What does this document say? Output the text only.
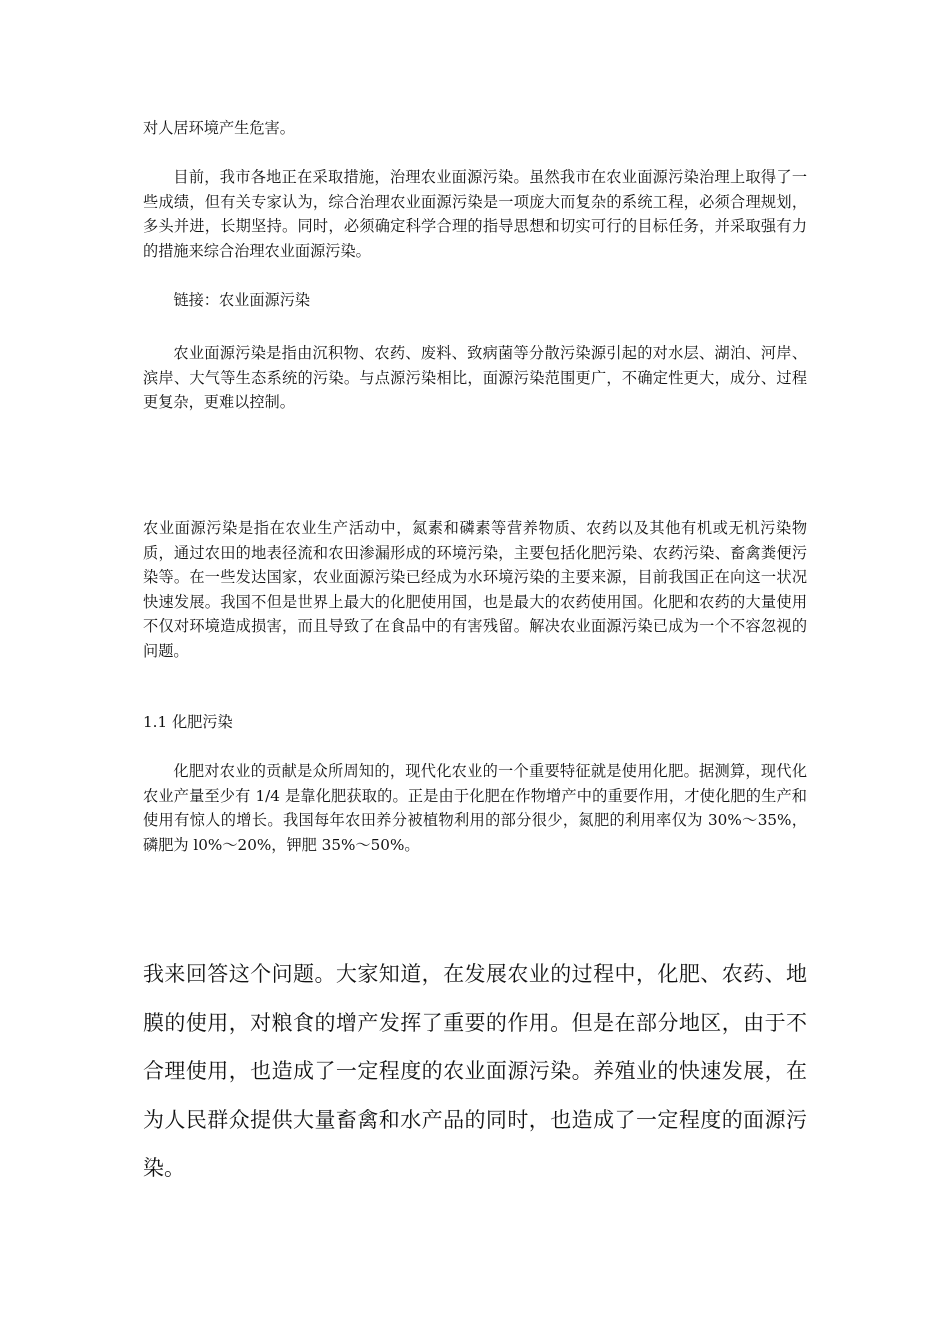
对人居环境产生危害。

目前，我市各地正在采取措施，治理农业面源污染。虽然我市在农业面源污染治理上取得了一些成绩，但有关专家认为，综合治理农业面源污染是一项庞大而复杂的系统工程，必须合理规划，多头并进，长期坚持。同时，必须确定科学合理的指导思想和切实可行的目标任务，并采取强有力的措施来综合治理农业面源污染。

链接：农业面源污染

农业面源污染是指由沉积物、农药、废料、致病菌等分散污染源引起的对水层、湖泊、河岸、滨岸、大气等生态系统的污染。与点源污染相比，面源污染范围更广，不确定性更大，成分、过程更复杂，更难以控制。

农业面源污染是指在农业生产活动中，氮素和磷素等营养物质、农药以及其他有机或无机污染物质，通过农田的地表径流和农田渗漏形成的环境污染，主要包括化肥污染、农药污染、畜禽粪便污染等。在一些发达国家，农业面源污染已经成为水环境污染的主要来源，目前我国正在向这一状况快速发展。我国不但是世界上最大的化肥使用国，也是最大的农药使用国。化肥和农药的大量使用不仅对环境造成损害，而且导致了在食品中的有害残留。解决农业面源污染已成为一个不容忽视的问题。

1.1 化肥污染

化肥对农业的贡献是众所周知的，现代化农业的一个重要特征就是使用化肥。据测算，现代化农业产量至少有 1/4 是靠化肥获取的。正是由于化肥在作物增产中的重要作用，才使化肥的生产和使用有惊人的增长。我国每年农田养分被植物利用的部分很少，氮肥的利用率仅为 30%～35%，磷肥为 l0%～20%，钾肥 35%～50%。

我来回答这个问题。大家知道，在发展农业的过程中，化肥、农药、地膜的使用，对粮食的增产发挥了重要的作用。但是在部分地区，由于不合理使用，也造成了一定程度的农业面源污染。养殖业的快速发展，在为人民群众提供大量畜禽和水产品的同时，也造成了一定程度的面源污染。
